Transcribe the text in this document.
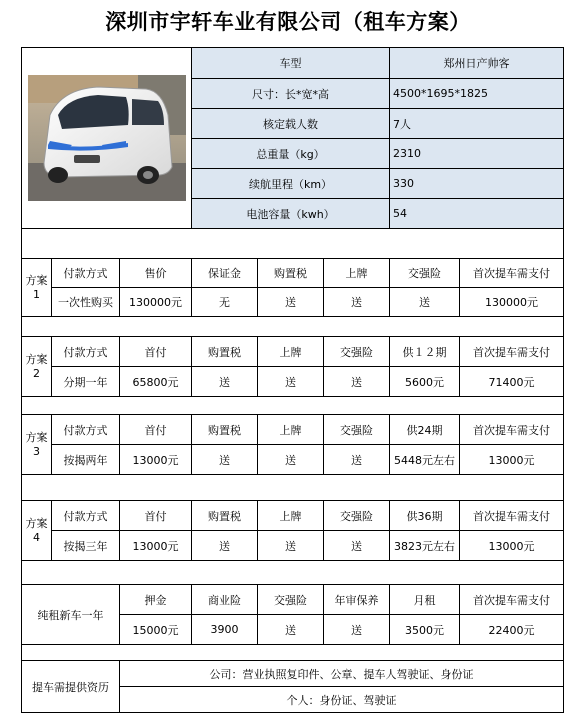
深圳市宇轩车业有限公司（租车方案）
	车型			郑州日产帅客	
			尺寸：长*宽*高			4500*1695*1825	
			核定载人数			7人	
			总重量（kg）			2310	
			续航里程（km）			330	
			电池容量（kwh）			54	

方案
1	付款方式	售价	保证金	购置税	上牌	交强险	首次提车需支付
	一次性购买	130000元	无	送	送	送	130000元

方案
2	付款方式	首付	购置税	上牌	交强险	供１２期	首次提车需支付
	分期一年	65800元	送	送	送	5600元	71400元

方案
3	付款方式	首付	购置税	上牌	交强险	供24期	首次提车需支付
	按揭两年	13000元	送	送	送	5448元左右	13000元

方案
4	付款方式	首付	购置税	上牌	交强险	供36期	首次提车需支付
	按揭三年	13000元	送	送	送	3823元左右	13000元

纯租新车一年		押金	商业险	交强险	年审保养	月租	首次提车需支付
		15000元	3900	送	送	3500元	22400元

提车需提供资历		公司：营业执照复印件、公章、提车人驾驶证、身份证					
		个人：身份证、驾驶证					
